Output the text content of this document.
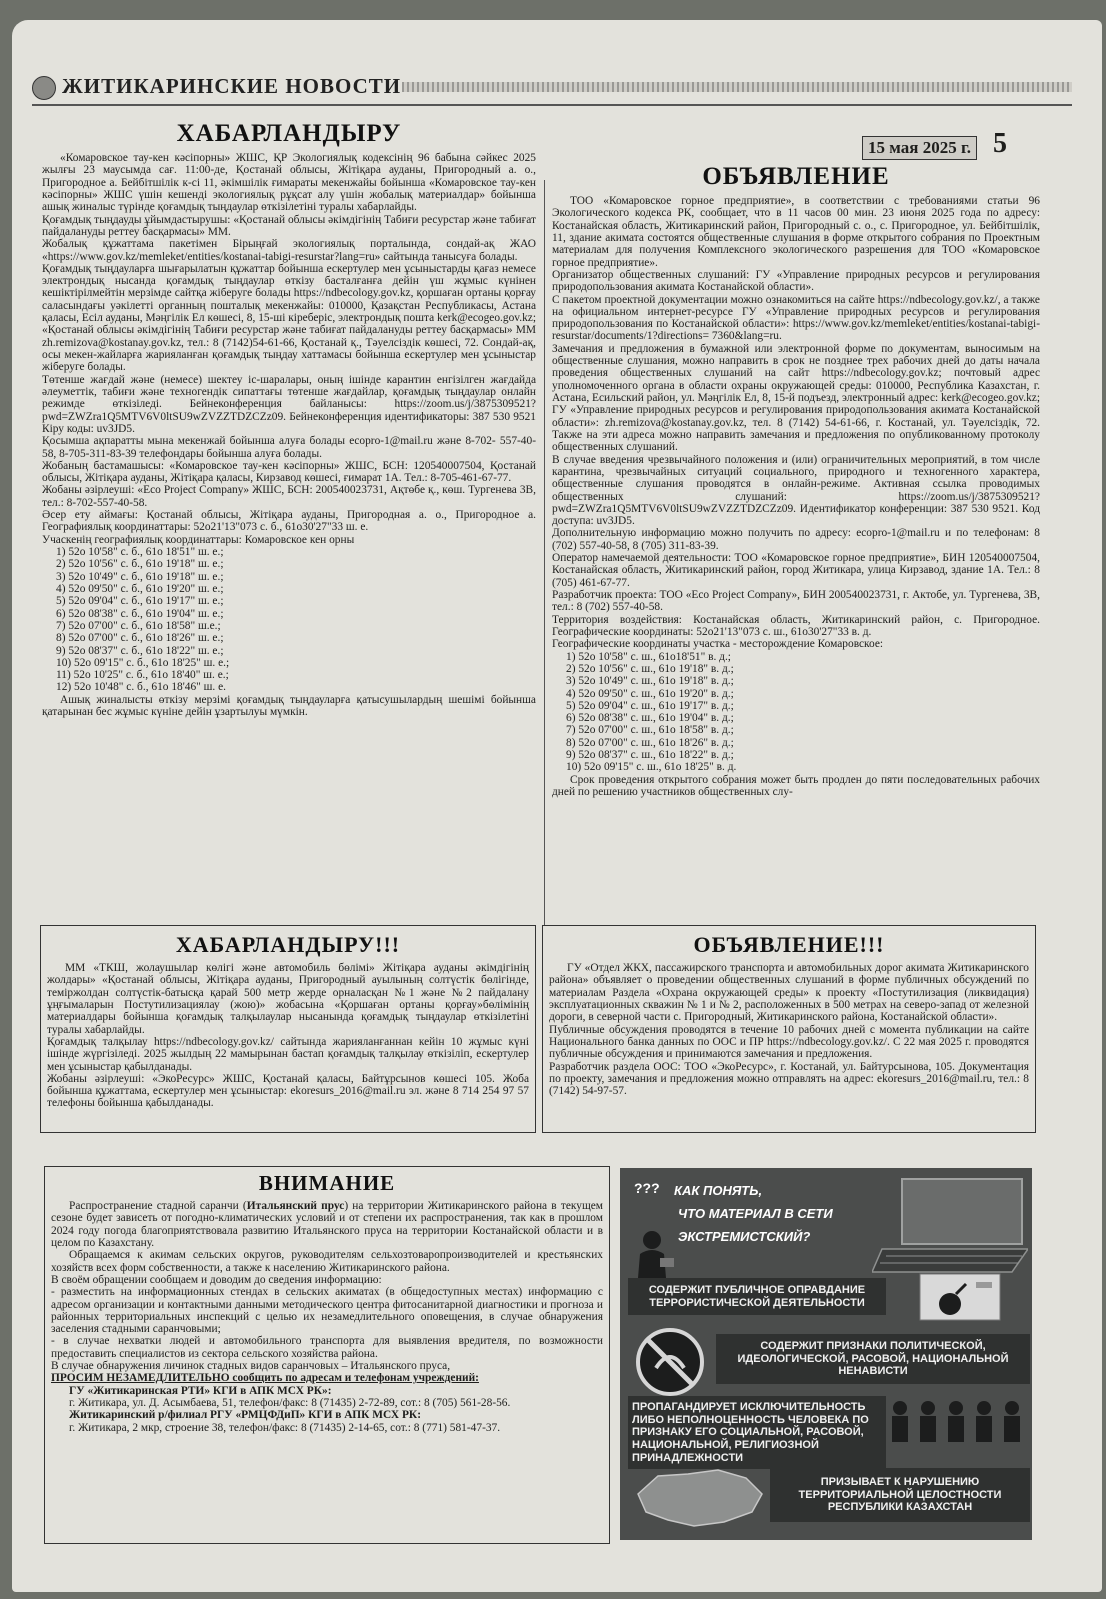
ЖИТИКАРИНСКИЕ НОВОСТИ
15 мая 2025 г. 5
ХАБАРЛАНДЫРУ

«Комаровское тау-кен кәсіпорны» ЖШС, ҚР Экологиялық кодексінің 96 бабына сәйкес 2025 жылғы 23 маусымда сағ. 11:00-де, Қостанай облысы, Жітіқара ауданы, Пригородный а. о., Пригородное а. Бейбітшілік к-сі 11, әкімшілік ғимараты мекенжайы бойынша «Комаровское тау-кен кәсіпорны» ЖШС үшін кешенді экологиялық рұқсат алу үшін жобалық материалдар» бойынша ашық жиналыс түрінде қоғамдық тыңдаулар өткізілетіні туралы хабарлайды.
Қоғамдық тыңдауды ұйымдастырушы: «Қостанай облысы әкімдігінің Табиғи ресурстар және табиғат пайдалануды реттеу басқармасы» ММ.
Жобалық құжаттама пакетімен Бірыңғай экологиялық порталында, сондай-ақ ЖАО «https://www.gov.kz/memleket/entities/kostanai-tabigi-resurstar?lang=ru» сайтында танысуға болады.
Қоғамдық тыңдауларға шығарылатын құжаттар бойынша ескертулер мен ұсыныстарды қағаз немесе электрондық нысанда қоғамдық тыңдаулар өткізу басталғанға дейін үш жұмыс күнінен кешіктірілмейтін мерзімде сайтқа жіберуге болады https://ndbecology.gov.kz, қоршаған ортаны қорғау саласындағы уәкілетті органның пошталық мекенжайы: 010000, Қазақстан Республикасы, Астана қаласы, Есіл ауданы, Мәңгілік Ел көшесі, 8, 15-ші кіреберіс, электрондық пошта kerk@ecogeo.gov.kz; «Қостанай облысы әкімдігінің Табиғи ресурстар және табиғат пайдалануды реттеу басқармасы» ММ zh.remizova@kostanay.gov.kz, тел.: 8 (7142)54-61-66, Қостанай қ., Тәуелсіздік көшесі, 72. Сондай-ақ, осы мекен-жайларға жарияланған қоғамдық тыңдау хаттамасы бойынша ескертулер мен ұсыныстар жіберуге болады.
Төтенше жағдай және (немесе) шектеу іс-шаралары, оның ішінде карантин енгізілген жағдайда әлеуметтік, табиғи және техногендік сипаттағы төтенше жағдайлар, қоғамдық тыңдаулар онлайн режимде өткізіледі. Бейнеконференция байланысы: https://zoom.us/j/3875309521?pwd=ZWZra1Q5MTV6V0ltSU9wZVZZTDZCZz09. Бейнеконференция идентификаторы: 387 530 9521 Кіру коды: uv3JD5.
Қосымша ақпаратты мына мекенжай бойынша алуға болады ecopro-1@mail.ru және 8-702- 557-40-58, 8-705-311-83-39 телефондары бойынша алуға болады.
Жобаның бастамашысы: «Комаровское тау-кен кәсіпорны» ЖШС, БСН: 120540007504, Қостанай облысы, Жітіқара ауданы, Жітіқара қаласы, Кирзавод көшесі, ғимарат 1А. Тел.: 8-705-461-67-77.
Жобаны әзірлеуші: «Eco Project Company» ЖШС, БСН: 200540023731, Ақтөбе қ., көш. Тургенева 3В, тел.: 8-702-557-40-58.
Әсер ету аймағы: Қостанай облысы, Жітіқара ауданы, Пригородная а. о., Пригородное а. Географиялық координаттары: 52о21'13"073 с. б., 61о30'27"33 ш. е.
Учаскенің географиялық координаттары: Комаровское кен орны

1) 52о 10'58" с. б., 61о 18'51" ш. е.;
2) 52о 10'56" с. б., 61о 19'18" ш. е.;
3) 52о 10'49" с. б., 61о 19'18" ш. е.;
4) 52о 09'50" с. б., 61о 19'20" ш. е.;
5) 52о 09'04" с. б., 61о 19'17" ш. е.;
6) 52о 08'38" с. б., 61о 19'04" ш. е.;
7) 52о 07'00" с. б., 61о 18'58" ш.е.;
8) 52о 07'00" с. б., 61о 18'26" ш. е.;
9) 52о 08'37" с. б., 61о 18'22" ш. е.;
10) 52о 09'15" с. б., 61о 18'25" ш. е.;
11) 52о 10'25" с. б., 61о 18'40" ш. е.;
12) 52о 10'48" с. б., 61о 18'46" ш. е.

Ашық жиналысты өткізу мерзімі қоғамдық тыңдауларға қатысушылардың шешімі бойынша қатарынан бес жұмыс күніне дейін ұзартылуы мүмкін.

ОБЪЯВЛЕНИЕ

ТОО «Комаровское горное предприятие», в соответствии с требованиями статьи 96 Экологического кодекса РК, сообщает, что в 11 часов 00 мин. 23 июня 2025 года по адресу: Костанайская область, Житикаринский район, Пригородный с. о., с. Пригородное, ул. Бейбітшілік, 11, здание акимата состоятся общественные слушания в форме открытого собрания по Проектным материалам для получения Комплексного экологического разрешения для ТОО «Комаровское горное предприятие».
Организатор общественных слушаний: ГУ «Управление природных ресурсов и регулирования природопользования акимата Костанайской области».
С пакетом проектной документации можно ознакомиться на сайте https://ndbecology.gov.kz/, а также на официальном интернет-ресурсе ГУ «Управление природных ресурсов и регулирования природопользования по Костанайской области»: https://www.gov.kz/memleket/entities/kostanai-tabigi-resurstar/documents/1?directions= 7360&lang=ru.
Замечания и предложения в бумажной или электронной форме по документам, выносимым на общественные слушания, можно направить в срок не позднее трех рабочих дней до даты начала проведения общественных слушаний на сайт https://ndbecology.gov.kz; почтовый адрес уполномоченного органа в области охраны окружающей среды: 010000, Республика Казахстан, г. Астана, Есильский район, ул. Мәңгілік Ел, 8, 15-й подъезд, электронный адрес: kerk@ecogeo.gov.kz; ГУ «Управление природных ресурсов и регулирования природопользования акимата Костанайской области»: zh.remizova@kostanay.gov.kz, тел. 8 (7142) 54-61-66, г. Костанай, ул. Тәуелсіздік, 72. Также на эти адреса можно направить замечания и предложения по опубликованному протоколу общественных слушаний.
В случае введения чрезвычайного положения и (или) ограничительных мероприятий, в том числе карантина, чрезвычайных ситуаций социального, природного и техногенного характера, общественные слушания проводятся в онлайн-режиме. Активная ссылка проводимых общественных слушаний: https://zoom.us/j/3875309521?pwd=ZWZra1Q5MTV6V0ltSU9wZVZZTDZCZz09. Идентификатор конференции: 387 530 9521. Код доступа: uv3JD5.
Дополнительную информацию можно получить по адресу: ecopro-1@mail.ru и по телефонам: 8 (702) 557-40-58, 8 (705) 311-83-39.
Оператор намечаемой деятельности: ТОО «Комаровское горное предприятие», БИН 120540007504, Костанайская область, Житикаринский район, город Житикара, улица Кирзавод, здание 1А. Тел.: 8 (705) 461-67-77.
Разработчик проекта: ТОО «Eco Project Company», БИН 200540023731, г. Актобе, ул. Тургенева, 3В, тел.: 8 (702) 557-40-58.
Территория воздействия: Костанайская область, Житикаринский район, с. Пригородное. Географические координаты: 52о21'13"073 с. ш., 61о30'27"33 в. д.
Географические координаты участка - месторождение Комаровское:

1) 52о 10'58" с. ш., 61о18'51" в. д.;
2) 52о 10'56" с. ш., 61о 19'18" в. д.;
3) 52о 10'49" с. ш., 61о 19'18" в. д.;
4) 52о 09'50" с. ш., 61о 19'20" в. д.;
5) 52о 09'04" с. ш., 61о 19'17" в. д.;
6) 52о 08'38" с. ш., 61о 19'04" в. д.;
7) 52о 07'00" с. ш., 61о 18'58" в. д.;
8) 52о 07'00" с. ш., 61о 18'26" в. д.;
9) 52о 08'37" с. ш., 61о 18'22" в. д.;
10) 52о 09'15" с. ш., 61о 18'25" в. д.

Срок проведения открытого собрания может быть продлен до пяти последовательных рабочих дней по решению участников общественных слу-

ХАБАРЛАНДЫРУ!!!

ММ «ТКШ, жолаушылар көлігі және автомобиль бөлімі» Жітіқара ауданы әкімдігінің жолдары» «Қостанай облысы, Жітіқара ауданы, Пригородный ауылының солтүстік бөлігінде, теміржолдан солтүстік-батысқа қарай 500 метр жерде орналасқан №1 және №2 пайдалану ұңғымаларын Постутилизациялау (жою)» жобасына «Қоршаған ортаны қорғау»бөлімінің материалдары бойынша қоғамдық талқылаулар нысанында қоғамдық тыңдаулар өткізілетіні туралы хабарлайды.
Қоғамдық талқылау https://ndbecology.gov.kz/ сайтында жарияланғаннан кейін 10 жұмыс күні ішінде жүргізіледі. 2025 жылдың 22 мамырынан бастап қоғамдық талқылау өткізіліп, ескертулер мен ұсыныстар қабылданады.
Жобаны әзірлеуші: «ЭкоРесурс» ЖШС, Қостанай қаласы, Байтұрсынов көшесі 105. Жоба бойынша құжаттама, ескертулер мен ұсыныстар: ekoresurs_2016@mail.ru эл. және 8 714 254 97 57 телефоны бойынша қабылданады.

ОБЪЯВЛЕНИЕ!!!

ГУ «Отдел ЖКХ, пассажирского транспорта и автомобильных дорог акимата Житикаринского района» объявляет о проведении общественных слушаний в форме публичных обсуждений по материалам Раздела «Охрана окружающей среды» к проекту «Постутилизация (ликвидация) эксплуатационных скважин № 1 и № 2, расположенных в 500 метрах на северо-запад от железной дороги, в северной части с. Пригородный, Житикаринского района, Костанайской области».
Публичные обсуждения проводятся в течение 10 рабочих дней с момента публикации на сайте Национального банка данных по ООС и ПР https://ndbecology.gov.kz/. С 22 мая 2025 г. проводятся публичные обсуждения и принимаются замечания и предложения.
Разработчик раздела ООС: ТОО «ЭкоРесурс», г. Костанай, ул. Байтурсынова, 105. Документация по проекту, замечания и предложения можно отправлять на адрес: ekoresurs_2016@mail.ru, тел.: 8 (7142) 54-97-57.

ВНИМАНИЕ

Распространение стадной саранчи (Итальянский прус) на территории Житикаринского района в текущем сезоне будет зависеть от погодно-климатических условий и от степени их распространения, так как в прошлом 2024 году погода благоприятствовала развитию Итальянского пруса на территории Костанайской области и в целом по Казахстану.

Обращаемся к акимам сельских округов, руководителям сельхозтоваропроизводителей и крестьянских хозяйств всех форм собственности, а также к населению Житикаринского района.
В своём обращении сообщаем и доводим до сведения информацию:
- разместить на информационных стендах в сельских акиматах (в общедоступных местах) информацию с адресом организации и контактными данными методического центра фитосанитарной диагностики и прогноза и районных территориальных инспекций с целью их незамедлительного оповещения, в случае обнаружения заселения стадными саранчовыми;
- в случае нехватки людей и автомобильного транспорта для выявления вредителя, по возможности предоставить специалистов из сектора сельского хозяйства района.
В случае обнаружения личинок стадных видов саранчовых – Итальянского пруса,

ПРОСИМ НЕЗАМЕДЛИТЕЛЬНО сообщить по адресам и телефонам учреждений:

ГУ «Житикаринская РТИ» КГИ в АПК МСХ РК»:

г. Житикара, ул. Д. Асымбаева, 51, телефон/факс: 8 (71435) 2-72-89, сот.: 8 (705) 561-28-56.

Житикаринский р/филиал РГУ «РМЦФДиП» КГИ в АПК МСХ РК:

г. Житикара, 2 мкр, строение 38, телефон/факс: 8 (71435) 2-14-65, сот.: 8 (771) 581-47-37.

??? КАК ПОНЯТЬ,
ЧТО МАТЕРИАЛ В СЕТИ
ЭКСТРЕМИСТСКИЙ?
СОДЕРЖИТ ПУБЛИЧНОЕ ОПРАВДАНИЕ ТЕРРОРИСТИЧЕСКОЙ ДЕЯТЕЛЬНОСТИ
СОДЕРЖИТ ПРИЗНАКИ ПОЛИТИЧЕСКОЙ, ИДЕОЛОГИЧЕСКОЙ, РАСОВОЙ, НАЦИОНАЛЬНОЙ НЕНАВИСТИ
ПРОПАГАНДИРУЕТ ИСКЛЮЧИТЕЛЬНОСТЬ ЛИБО НЕПОЛНОЦЕННОСТЬ ЧЕЛОВЕКА ПО ПРИЗНАКУ ЕГО СОЦИАЛЬНОЙ, РАСОВОЙ, НАЦИОНАЛЬНОЙ, РЕЛИГИОЗНОЙ ПРИНАДЛЕЖНОСТИ
ПРИЗЫВАЕТ К НАРУШЕНИЮ ТЕРРИТОРИАЛЬНОЙ ЦЕЛОСТНОСТИ РЕСПУБЛИКИ КАЗАХСТАН
